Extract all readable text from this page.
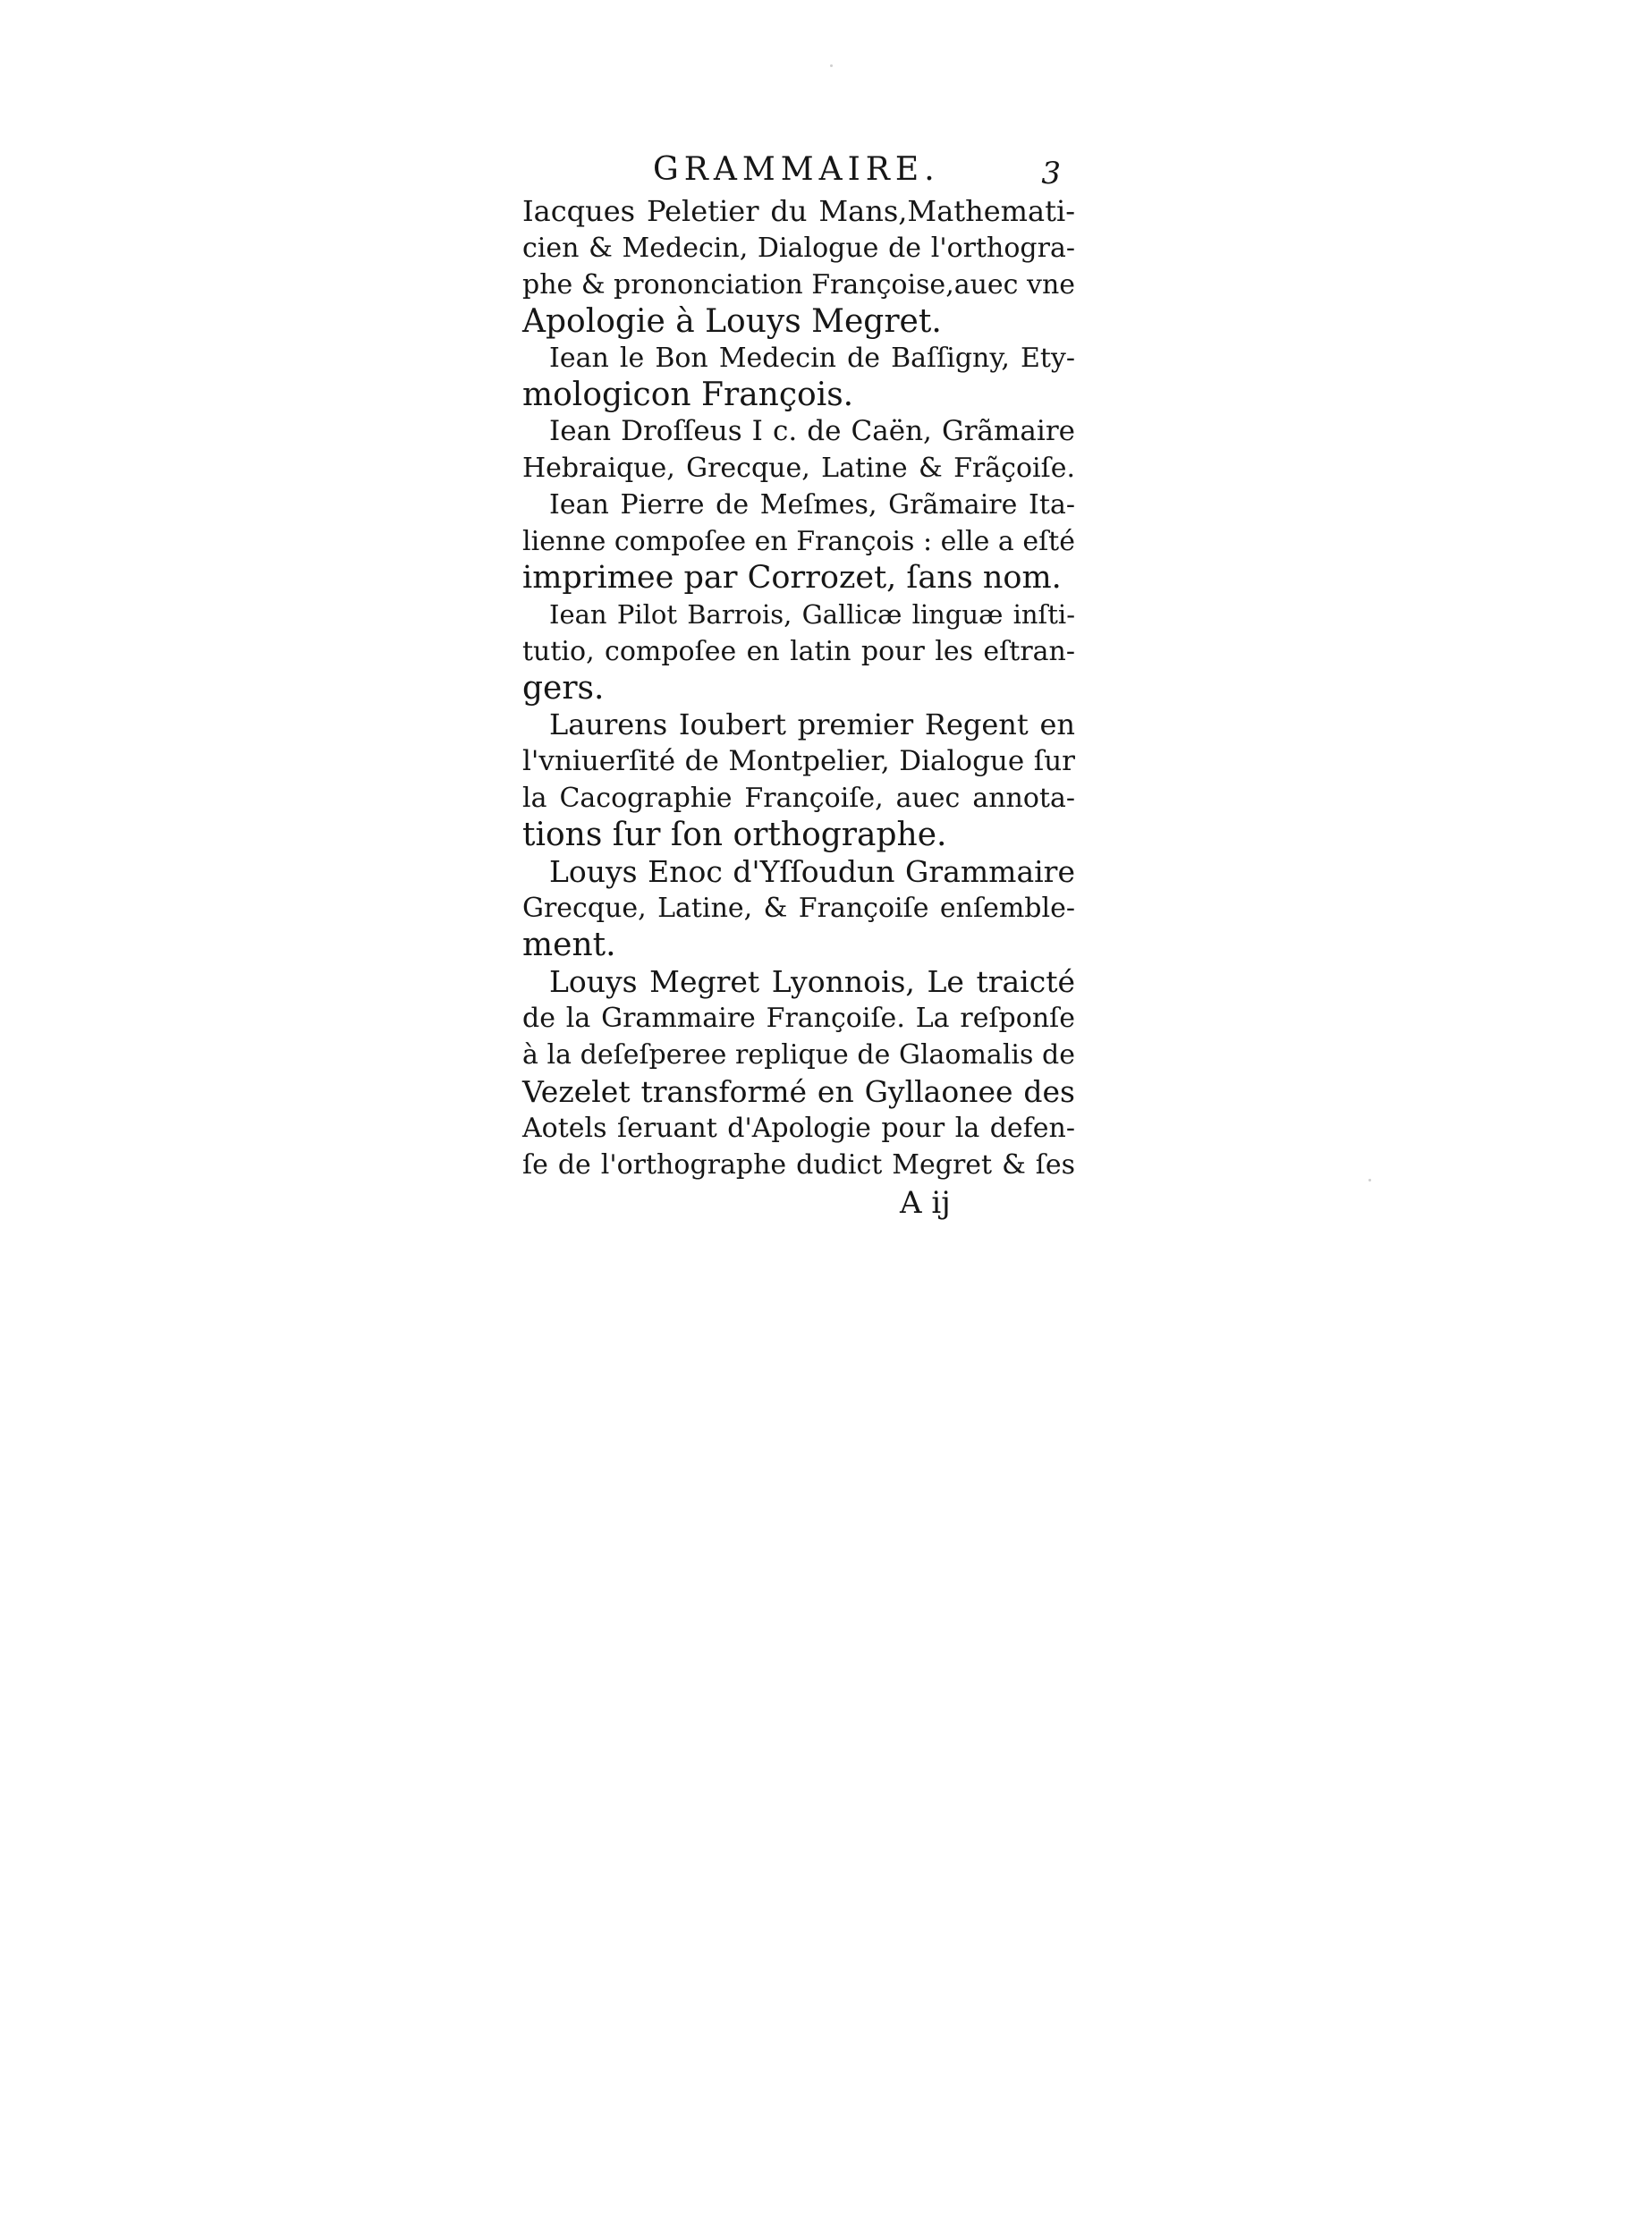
GRAMMAIRE.	3
Iacques Peletier du Mans,Mathemati-
cien & Medecin, Dialogue de l'orthogra-
phe & prononciation Françoise,auec vne
Apologie à Louys Megret.
Iean le Bon Medecin de Baſſigny, Ety-
mologicon François.
Iean Droſſeus I c. de Caën, Grãmaire
Hebraique, Grecque, Latine & Frãçoiſe.
Iean Pierre de Meſmes, Grãmaire Ita-
lienne compoſee en François : elle a eſté
imprimee par Corrozet, ſans nom.
Iean Pilot Barrois, Gallicæ linguæ inſti-
tutio, compoſee en latin pour les eſtran-
gers.
Laurens Ioubert premier Regent en
l'vniuerſité de Montpelier, Dialogue ſur
la Cacographie Françoiſe, auec annota-
tions ſur ſon orthographe.
Louys Enoc d'Yſſoudun Grammaire
Grecque, Latine, & Françoiſe enſemble-
ment.
Louys Megret Lyonnois, Le traicté
de la Grammaire Françoiſe. La reſponſe
à la deſeſperee replique de Glaomalis de
Vezelet transformé en Gyllaonee des
Aotels ſeruant d'Apologie pour la defen-
ſe de l'orthographe dudict Megret & ſes
A ij
